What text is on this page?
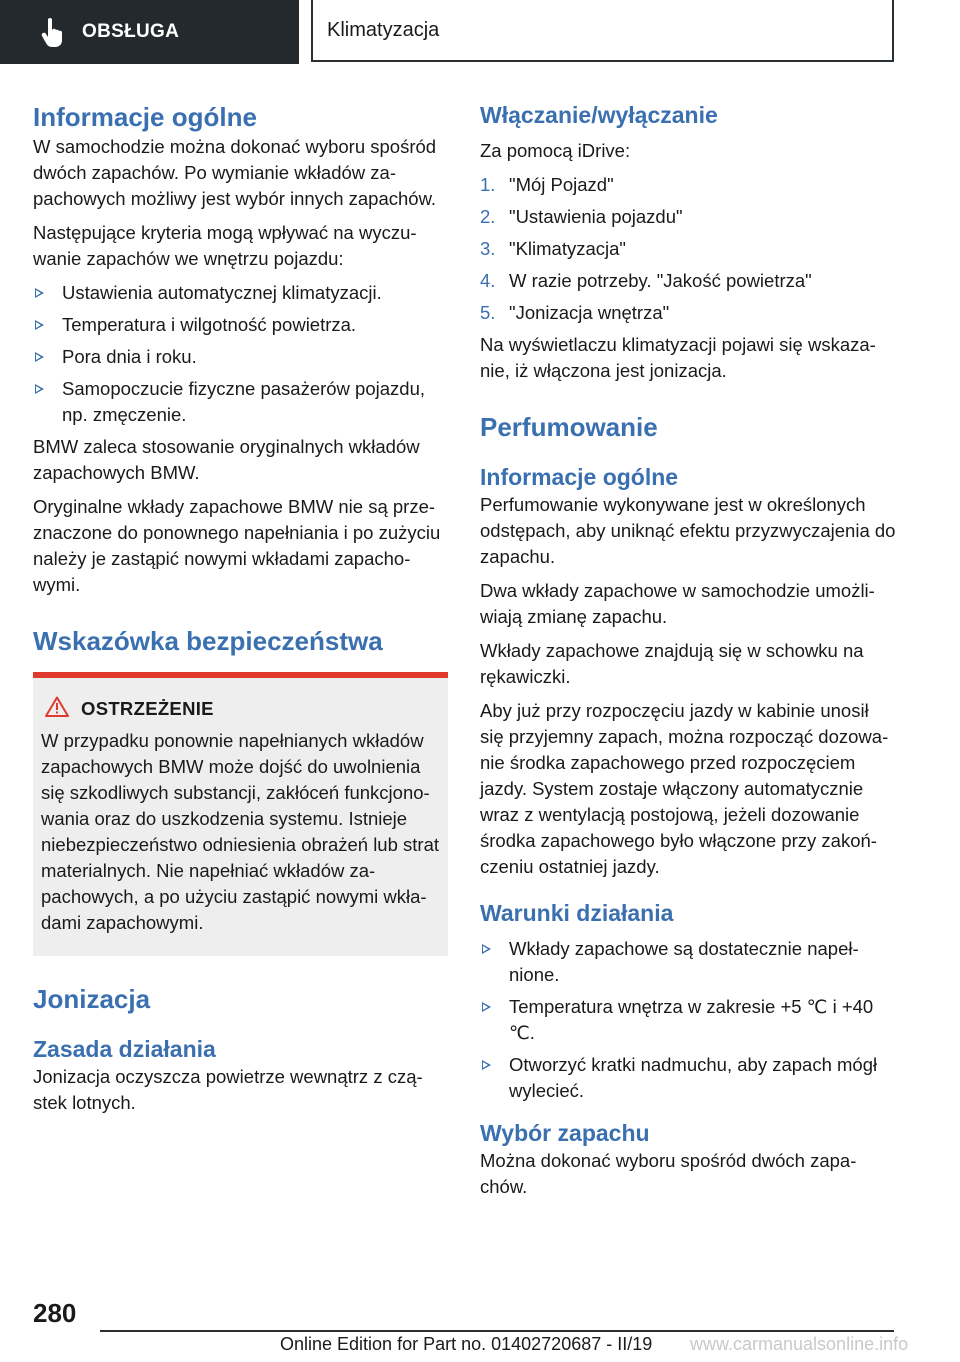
OBSŁUGA	Klimatyzacja
Informacje ogólne

W samochodzie można dokonać wyboru spośród dwóch zapachów. Po wymianie wkładów zapachowych możliwy jest wybór innych zapachów.

Następujące kryteria mogą wpływać na wyczuwanie zapachów we wnętrzu pojazdu:

Ustawienia automatycznej klimatyzacji.
Temperatura i wilgotność powietrza.
Pora dnia i roku.
Samopoczucie fizyczne pasażerów pojazdu, np. zmęczenie.

BMW zaleca stosowanie oryginalnych wkładów zapachowych BMW.

Oryginalne wkłady zapachowe BMW nie są przeznaczone do ponownego napełniania i po zużyciu należy je zastąpić nowymi wkładami zapachowymi.

Wskazówka bezpieczeństwa
OSTRZEŻENIE

W przypadku ponownie napełnianych wkładów zapachowych BMW może dojść do uwolnienia się szkodliwych substancji, zakłóceń funkcjonowania oraz do uszkodzenia systemu. Istnieje niebezpieczeństwo odniesienia obrażeń lub strat materialnych. Nie napełniać wkładów zapachowych, a po użyciu zastąpić nowymi wkładami zapachowymi.

Jonizacja
Zasada działania

Jonizacja oczyszcza powietrze wewnątrz z cząstek lotnych.

Włączanie/wyłączanie

Za pomocą iDrive:

1. "Mój Pojazd"
2. "Ustawienia pojazdu"
3. "Klimatyzacja"
4. W razie potrzeby. "Jakość powietrza"
5. "Jonizacja wnętrza"

Na wyświetlaczu klimatyzacji pojawi się wskazanie, iż włączona jest jonizacja.

Perfumowanie
Informacje ogólne

Perfumowanie wykonywane jest w określonych odstępach, aby uniknąć efektu przyzwyczajenia do zapachu.

Dwa wkłady zapachowe w samochodzie umożliwiają zmianę zapachu.

Wkłady zapachowe znajdują się w schowku na rękawiczki.

Aby już przy rozpoczęciu jazdy w kabinie unosił się przyjemny zapach, można rozpocząć dozowanie środka zapachowego przed rozpoczęciem jazdy. System zostaje włączony automatycznie wraz z wentylacją postojową, jeżeli dozowanie środka zapachowego było włączone przy zakończeniu ostatniej jazdy.

Warunki działania
Wkłady zapachowe są dostatecznie napełnione.
Temperatura wnętrza w zakresie +5 ℃ i +40 ℃.
Otworzyć kratki nadmuchu, aby zapach mógł wylecieć.
Wybór zapachu

Można dokonać wyboru spośród dwóch zapachów.

280
Online Edition for Part no. 01402720687 - II/19 www.carmanualsonline.info
